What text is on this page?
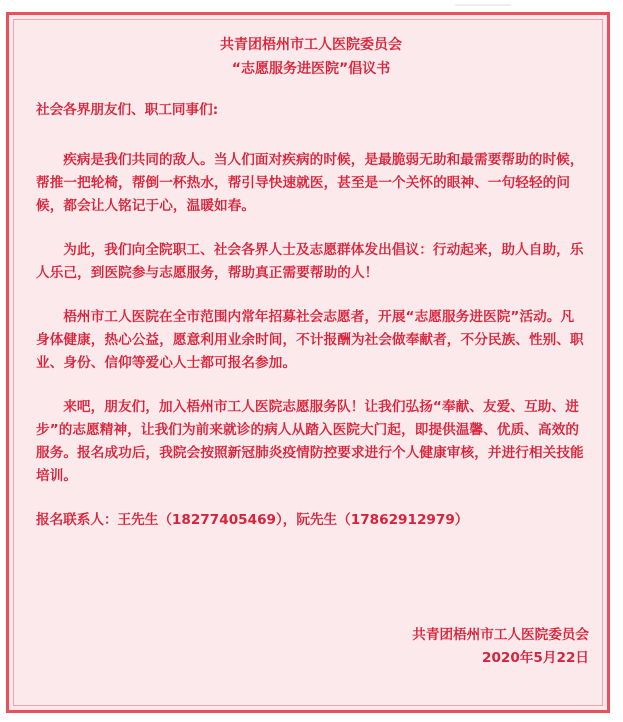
共青团梧州市工人医院委员会

“志愿服务进医院”倡议书

社会各界朋友们、职工同事们:

疾病是我们共同的敌人。当人们面对疾病的时候，是最脆弱无助和最需要帮助的时候，帮推一把轮椅，帮倒一杯热水，帮引导快速就医，甚至是一个关怀的眼神、一句轻轻的问候，都会让人铭记于心，温暖如春。

为此，我们向全院职工、社会各界人士及志愿群体发出倡议：行动起来，助人自助，乐人乐己，到医院参与志愿服务，帮助真正需要帮助的人！

梧州市工人医院在全市范围内常年招募社会志愿者，开展“志愿服务进医院”活动。凡身体健康，热心公益，愿意利用业余时间，不计报酬为社会做奉献者，不分民族、性别、职业、身份、信仰等爱心人士都可报名参加。

来吧，朋友们，加入梧州市工人医院志愿服务队！让我们弘扬“奉献、友爱、互助、进步”的志愿精神，让我们为前来就诊的病人从踏入医院大门起，即提供温馨、优质、高效的服务。报名成功后，我院会按照新冠肺炎疫情防控要求进行个人健康审核，并进行相关技能培训。

报名联系人：王先生（18277405469），阮先生（17862912979）

共青团梧州市工人医院委员会
2020年5月22日
